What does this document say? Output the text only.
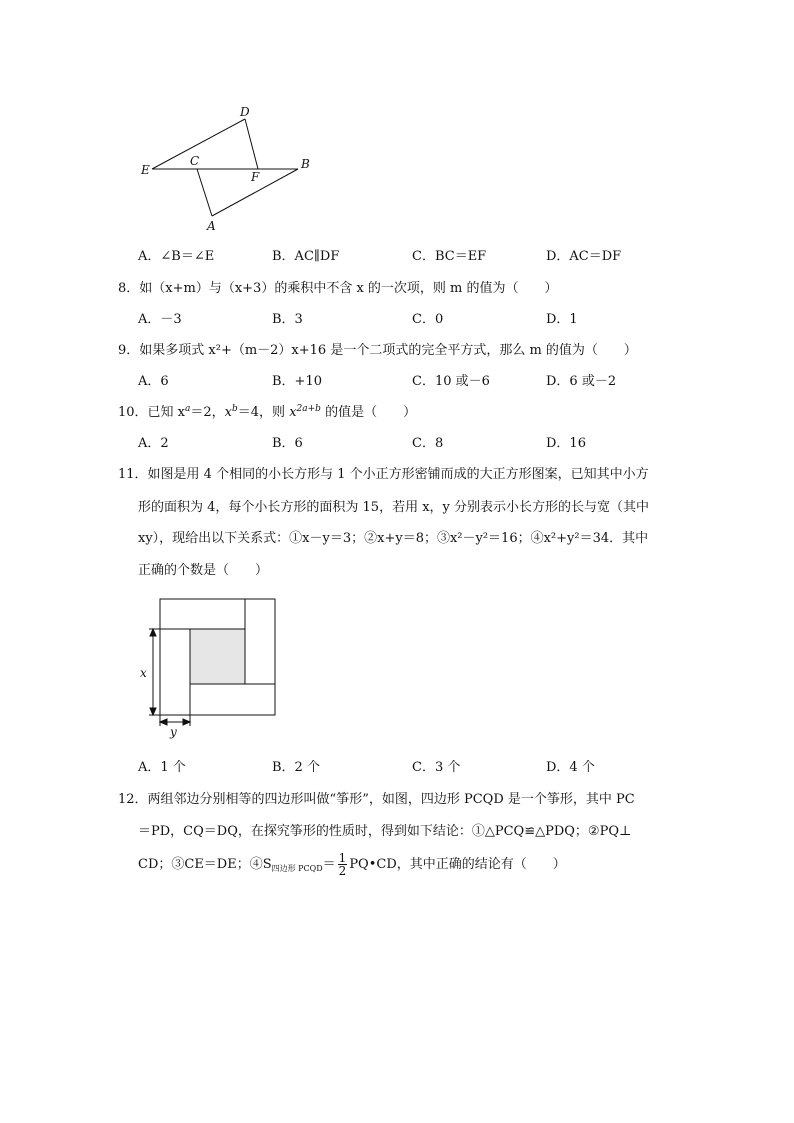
D
E
C
F
B
A
A．∠B＝∠E	B．AC∥DF	C．BC＝EF	D．AC＝DF
8．如（x+m）与（x+3）的乘积中不含 x 的一次项，则 m 的值为（　　）
A．－3	B．3	C．0	D．1
9．如果多项式 x²+（m－2）x+16 是一个二项式的完全平方式，那么 m 的值为（　　）
A．6	B．+10	C．10 或－6	D．6 或－2
10．已知 $x^a=2$，$x^b=4$，则 $x^{2a+b}$ 的值是（　　）
A．2	B．6	C．8	D．16
11．如图是用 4 个相同的小长方形与 1 个小正方形密铺而成的大正方形图案，已知其中小方
形的面积为 4，每个小长方形的面积为 15，若用 x，y 分别表示小长方形的长与宽（其中
xy），现给出以下关系式：①x－y＝3；②x+y＝8；③x²－y²＝16；④x²+y²＝34．其中
正确的个数是（　　）
x
y
A．1 个	B．2 个	C．3 个	D．4 个
12．两组邻边分别相等的四边形叫做“筝形”，如图，四边形 PCQD 是一个筝形，其中 PC
＝PD，CQ＝DQ，在探究筝形的性质时，得到如下结论：①△PCQ≌△PDQ；②PQ⊥
CD；③CE＝DE；$④S_{四边形 PCQD}= \frac{1}{2}$ PQ•CD，其中正确的结论有（　　）
